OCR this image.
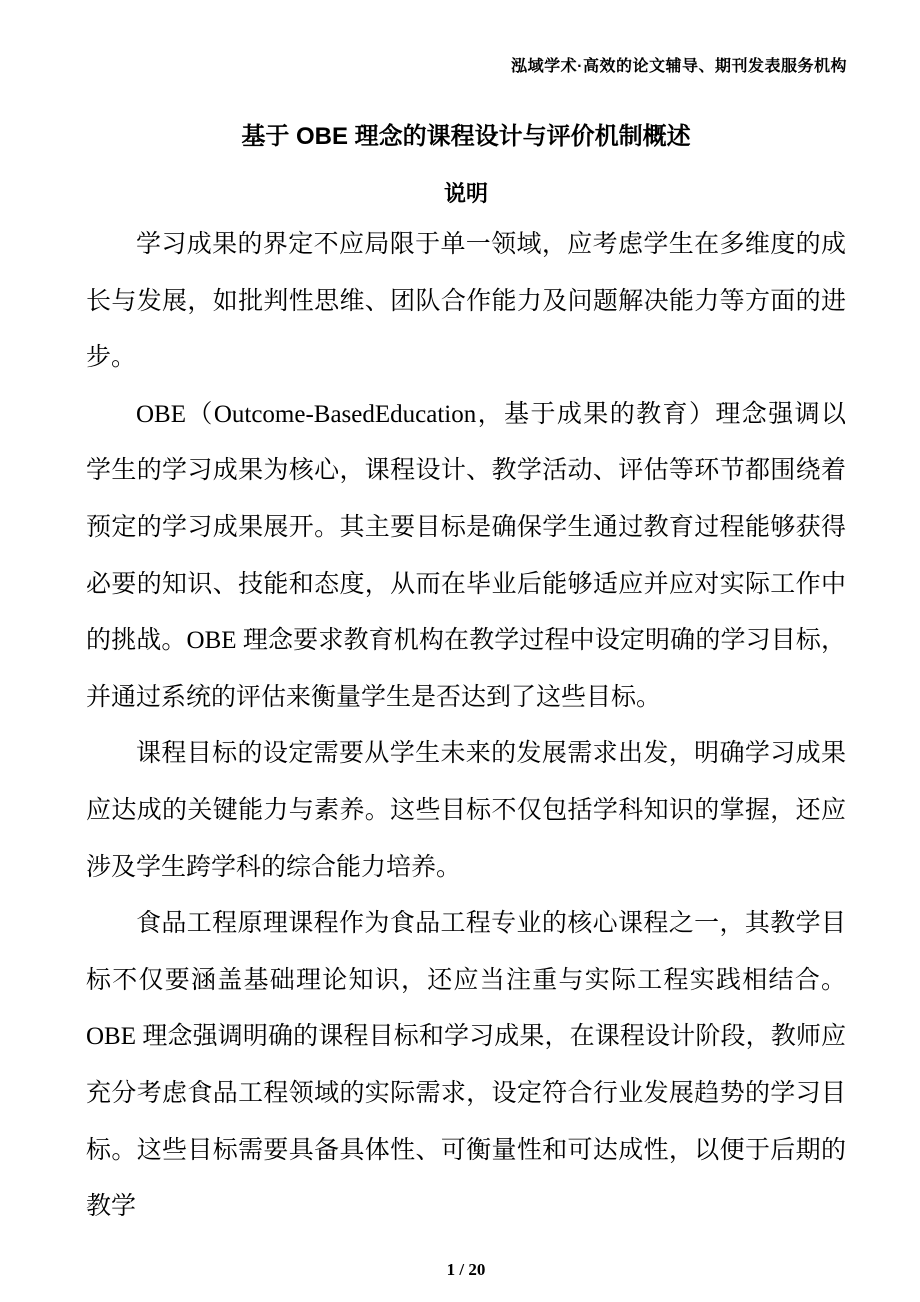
泓域学术·高效的论文辅导、期刊发表服务机构
基于 OBE 理念的课程设计与评价机制概述
说明

学习成果的界定不应局限于单一领域，应考虑学生在多维度的成长与发展，如批判性思维、团队合作能力及问题解决能力等方面的进步。

OBE（Outcome-BasedEducation，基于成果的教育）理念强调以学生的学习成果为核心，课程设计、教学活动、评估等环节都围绕着预定的学习成果展开。其主要目标是确保学生通过教育过程能够获得必要的知识、技能和态度，从而在毕业后能够适应并应对实际工作中的挑战。OBE 理念要求教育机构在教学过程中设定明确的学习目标，并通过系统的评估来衡量学生是否达到了这些目标。

课程目标的设定需要从学生未来的发展需求出发，明确学习成果应达成的关键能力与素养。这些目标不仅包括学科知识的掌握，还应涉及学生跨学科的综合能力培养。

食品工程原理课程作为食品工程专业的核心课程之一，其教学目标不仅要涵盖基础理论知识，还应当注重与实际工程实践相结合。OBE 理念强调明确的课程目标和学习成果，在课程设计阶段，教师应充分考虑食品工程领域的实际需求，设定符合行业发展趋势的学习目标。这些目标需要具备具体性、可衡量性和可达成性，以便于后期的教学

1 / 20
